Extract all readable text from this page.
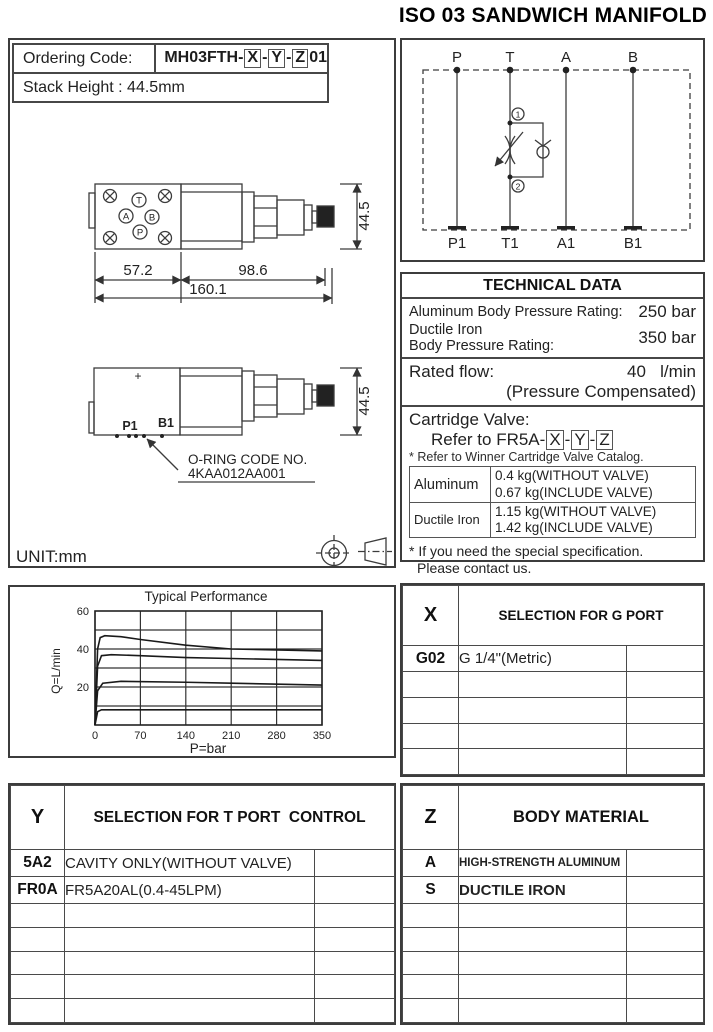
ISO 03 SANDWICH MANIFOLD
Ordering Code:	MH03FTH- X - Y - Z 01
Stack Height : 44.5mm
T
A B
P
57.2	98.6
160.1
44.5
+
P1 B1
O-RING CODE NO.
4KAA012AA001
44.5
UNIT:mm
P	T	A	B
P1 T1	A1	B1
1
2
TECHNICAL DATA
Aluminum Body Pressure Rating: 250 bar
Ductile Iron
Body Pressure Rating:	350 bar
Rated flow:	40 l/min
(Pressure Compensated)
Cartridge Valve:
Refer to FR5A- X - Y - Z
* Refer to Winner Cartridge Valve Catalog.
Aluminum	0.4 kg(WITHOUT VALVE)
0.67 kg(INCLUDE VALVE)

Ductile Iron	1.15 kg(WITHOUT VALVE)
1.42 kg(INCLUDE VALVE)
* If you need the special specification.
Please contact us.
Typical Performance
Q=L/min
P=bar
0	70	140 210 280 350
20
40
60	X	SELECTION FOR G PORT	
G02	G 1/4"(Metric)	

Y	SELECTION FOR T PORT  CONTROL	
5A2	CAVITY ONLY(WITHOUT VALVE)	
FR0A	FR5A20AL(0.4-45LPM)	

Z	BODY MATERIAL	
A	HIGH-STRENGTH ALUMINUM	
S	DUCTILE IRON	
